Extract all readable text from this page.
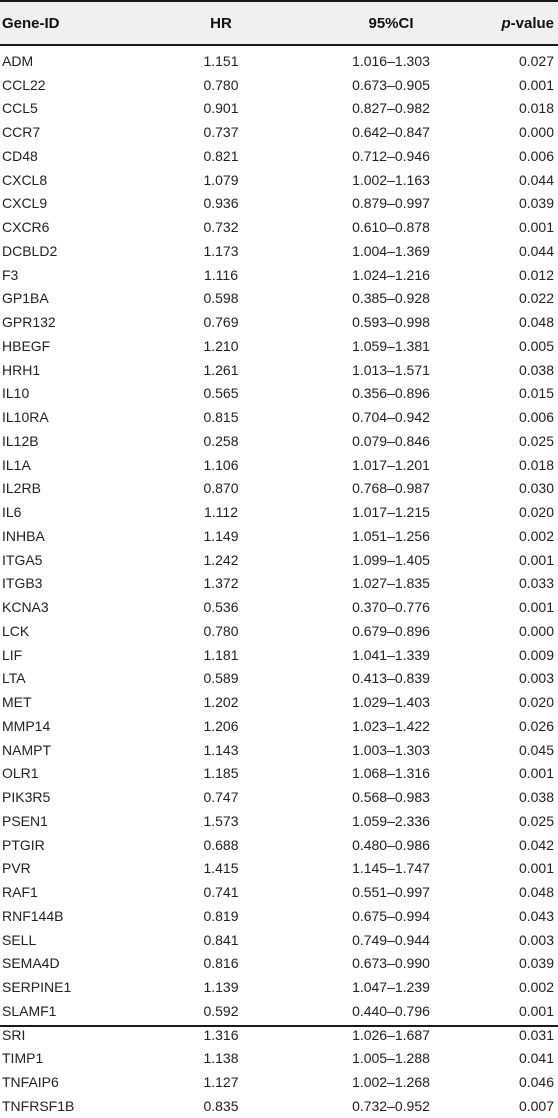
Gene-ID	HR	95%CI	p-value
ADM	1.151	1.016–1.303	0.027
CCL22	0.780	0.673–0.905	0.001
CCL5	0.901	0.827–0.982	0.018
CCR7	0.737	0.642–0.847	0.000
CD48	0.821	0.712–0.946	0.006
CXCL8	1.079	1.002–1.163	0.044
CXCL9	0.936	0.879–0.997	0.039
CXCR6	0.732	0.610–0.878	0.001
DCBLD2	1.173	1.004–1.369	0.044
F3	1.116	1.024–1.216	0.012
GP1BA	0.598	0.385–0.928	0.022
GPR132	0.769	0.593–0.998	0.048
HBEGF	1.210	1.059–1.381	0.005
HRH1	1.261	1.013–1.571	0.038
IL10	0.565	0.356–0.896	0.015
IL10RA	0.815	0.704–0.942	0.006
IL12B	0.258	0.079–0.846	0.025
IL1A	1.106	1.017–1.201	0.018
IL2RB	0.870	0.768–0.987	0.030
IL6	1.112	1.017–1.215	0.020
INHBA	1.149	1.051–1.256	0.002
ITGA5	1.242	1.099–1.405	0.001
ITGB3	1.372	1.027–1.835	0.033
KCNA3	0.536	0.370–0.776	0.001
LCK	0.780	0.679–0.896	0.000
LIF	1.181	1.041–1.339	0.009
LTA	0.589	0.413–0.839	0.003
MET	1.202	1.029–1.403	0.020
MMP14	1.206	1.023–1.422	0.026
NAMPT	1.143	1.003–1.303	0.045
OLR1	1.185	1.068–1.316	0.001
PIK3R5	0.747	0.568–0.983	0.038
PSEN1	1.573	1.059–2.336	0.025
PTGIR	0.688	0.480–0.986	0.042
PVR	1.415	1.145–1.747	0.001
RAF1	0.741	0.551–0.997	0.048
RNF144B	0.819	0.675–0.994	0.043
SELL	0.841	0.749–0.944	0.003
SEMA4D	0.816	0.673–0.990	0.039
SERPINE1	1.139	1.047–1.239	0.002
SLAMF1	0.592	0.440–0.796	0.001
SRI	1.316	1.026–1.687	0.031
TIMP1	1.138	1.005–1.288	0.041
TNFAIP6	1.127	1.002–1.268	0.046
TNFRSF1B	0.835	0.732–0.952	0.007
